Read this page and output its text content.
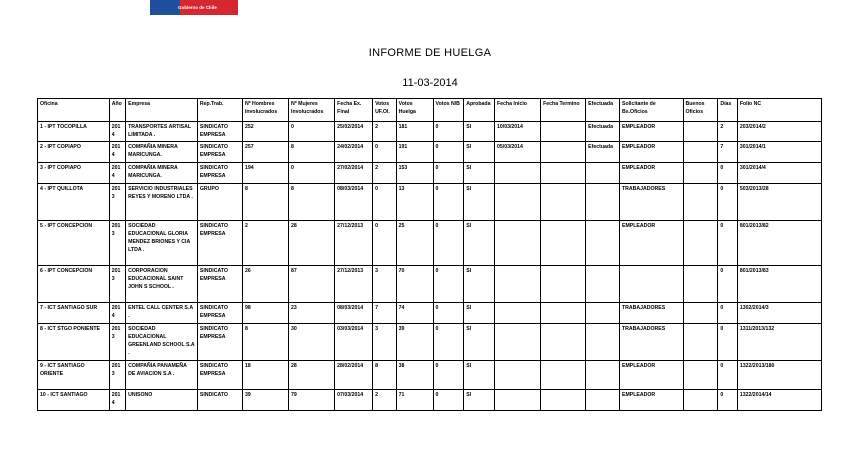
Gobierno de Chile
INFORME DE HUELGA
11-03-2014
Oficina	Año	Empresa	Rep.Trab.	Nº Hombres Involucrados	Nº Mujeres Involucrados	Fecha Ex. Final	Votos UF.Ol.	Votos Huelga	Votos N/B	Aprobada	Fecha Inicio	Fecha Termino	Efectuada	Solicitante de Bs.Oficios	Buenos Oficios	Días	Folio NC
1 - IPT TOCOPILLA	2014	TRANSPORTES ARTISAL LIMITADA .	SINDICATO EMPRESA	252	0	25/02/2014	2	181	0	SI	10/03/2014		Efectuada	EMPLEADOR		2	203/2014/2
2 - IPT COPIAPO	2014	COMPAÑIA MINERA MARICUNGA.	SINDICATO EMPRESA	257	8	24/02/2014	0	191	0	SI	05/03/2014		Efectuada	EMPLEADOR		7	301/2014/1
3 - IPT COPIAPO	2014	COMPAÑIA MINERA MARICUNGA.	SINDICATO EMPRESA	194	0	27/02/2014	2	153	0	SI				EMPLEADOR		0	301/2014/4
4 - IPT QUILLOTA	2013	SERVICIO INDUSTRIALES REYES Y MORENO LTDA .	GRUPO	8	8	08/03/2014	0	13	0	SI				TRABAJADORES		0	503/2013/28
5 - IPT CONCEPCION	2013	SOCIEDAD EDUCACIONAL GLORIA MENDEZ BRIONES Y CIA LTDA .	SINDICATO EMPRESA	2	28	27/12/2013	0	25	0	SI				EMPLEADOR		0	801/2013/82
6 - IPT CONCEPCION	2013	CORPORACION EDUCACIONAL SAINT JOHN S SCHOOL .	SINDICATO EMPRESA	26	87	27/12/2013	3	70	0	SI						0	801/2013/83
7 - ICT SANTIAGO SUR	2014	ENTEL CALL CENTER S.A .	SINDICATO EMPRESA	98	23	08/03/2014	7	74	0	SI				TRABAJADORES		0	1302/2014/3
8 - ICT STGO PONIENTE	2013	SOCIEDAD EDUCACIONAL GREENLAND SCHOOL S.A .	SINDICATO EMPRESA	8	30	03/03/2014	3	39	0	SI				TRABAJADORES		0	1311/2013/132
9 - ICT SANTIAGO ORIENTE	2013	COMPAÑIA PANAMEÑA DE AVIACION S.A .	SINDICATO EMPRESA	18	28	28/02/2014	8	38	0	SI				EMPLEADOR		0	1322/2013/180
10 - ICT SANTIAGO	2014	UNISONO	SINDICATO	39	79	07/03/2014	2	71	0	SI				EMPLEADOR		0	1322/2014/14
